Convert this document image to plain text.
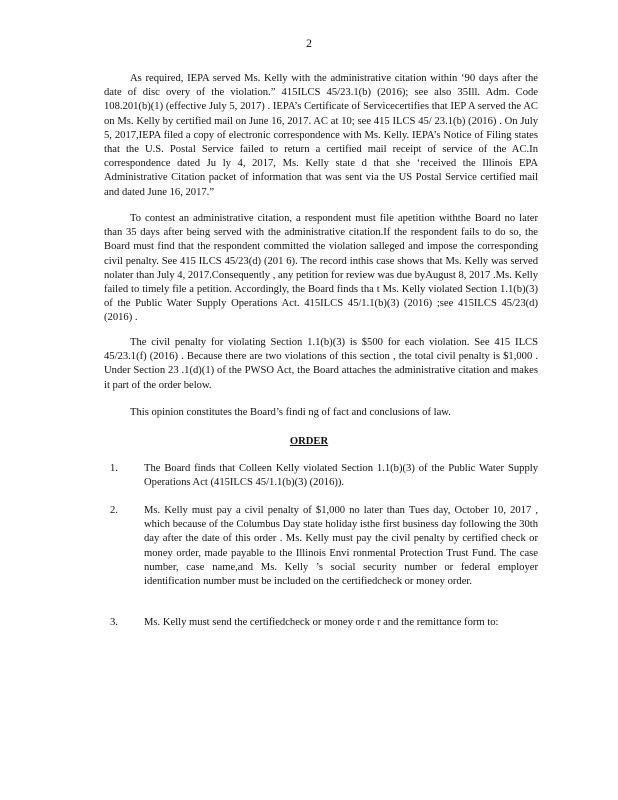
2

As required, IEPA served Ms. Kelly with the administrative citation within ‘90 days after the date of disc overy of the violation.” 415ILCS 45/23.1(b) (2016); see also 35Ill. Adm. Code 108.201(b)(1) (effective July 5, 2017) . IEPA’s Certificate of Servicecertifies that IEP A served the AC on Ms. Kelly by certified mail on June 16, 2017. AC at 10; see 415 ILCS 45/ 23.1(b) (2016) . On July 5, 2017,IEPA filed a copy of electronic correspondence with Ms. Kelly. IEPA’s Notice of Filing states that the U.S. Postal Service failed to return a certified mail receipt of service of the AC.In correspondence dated Ju ly 4, 2017, Ms. Kelly state d that she ‘received the Illinois EPA Administrative Citation packet of information that was sent via the US Postal Service certified mail and dated June 16, 2017.”

To contest an administrative citation, a respondent must file apetition withthe Board no later than 35 days after being served with the administrative citation.If the respondent fails to do so, the Board must find that the respondent committed the violation salleged and impose the corresponding civil penalty. See 415 ILCS 45/23(d) (201 6). The record inthis case shows that Ms. Kelly was served nolater than July 4, 2017.Consequently , any petition for review was due byAugust 8, 2017 .Ms. Kelly failed to timely file a petition. Accordingly, the Board finds tha t Ms. Kelly violated Section 1.1(b)(3) of the Public Water Supply Operations Act. 415ILCS 45/1.1(b)(3) (2016) ;see 415ILCS 45/23(d) (2016) .

The civil penalty for violating Section 1.1(b)(3) is $500 for each violation. See 415 ILCS 45/23.1(f) (2016) . Because there are two violations of this section , the total civil penalty is $1,000 . Under Section 23 .1(d)(1) of the PWSO Act, the Board attaches the administrative citation and makes it part of the order below.

This opinion constitutes the Board’s findi ng of fact and conclusions of law.

ORDER
1. The Board finds that Colleen Kelly violated Section 1.1(b)(3) of the Public Water Supply Operations Act (415ILCS 45/1.1(b)(3) (2016)).
2. Ms. Kelly must pay a civil penalty of $1,000 no later than Tues day, October 10, 2017 , which because of the Columbus Day state holiday isthe first business day following the 30th day after the date of this order . Ms. Kelly must pay the civil penalty by certified check or money order, made payable to the Illinois Envi ronmental Protection Trust Fund. The case number, case name,and Ms. Kelly ’s social security number or federal employer identification number must be included on the certifiedcheck or money order.
3. Ms. Kelly must send the certifiedcheck or money orde r and the remittance form to:
